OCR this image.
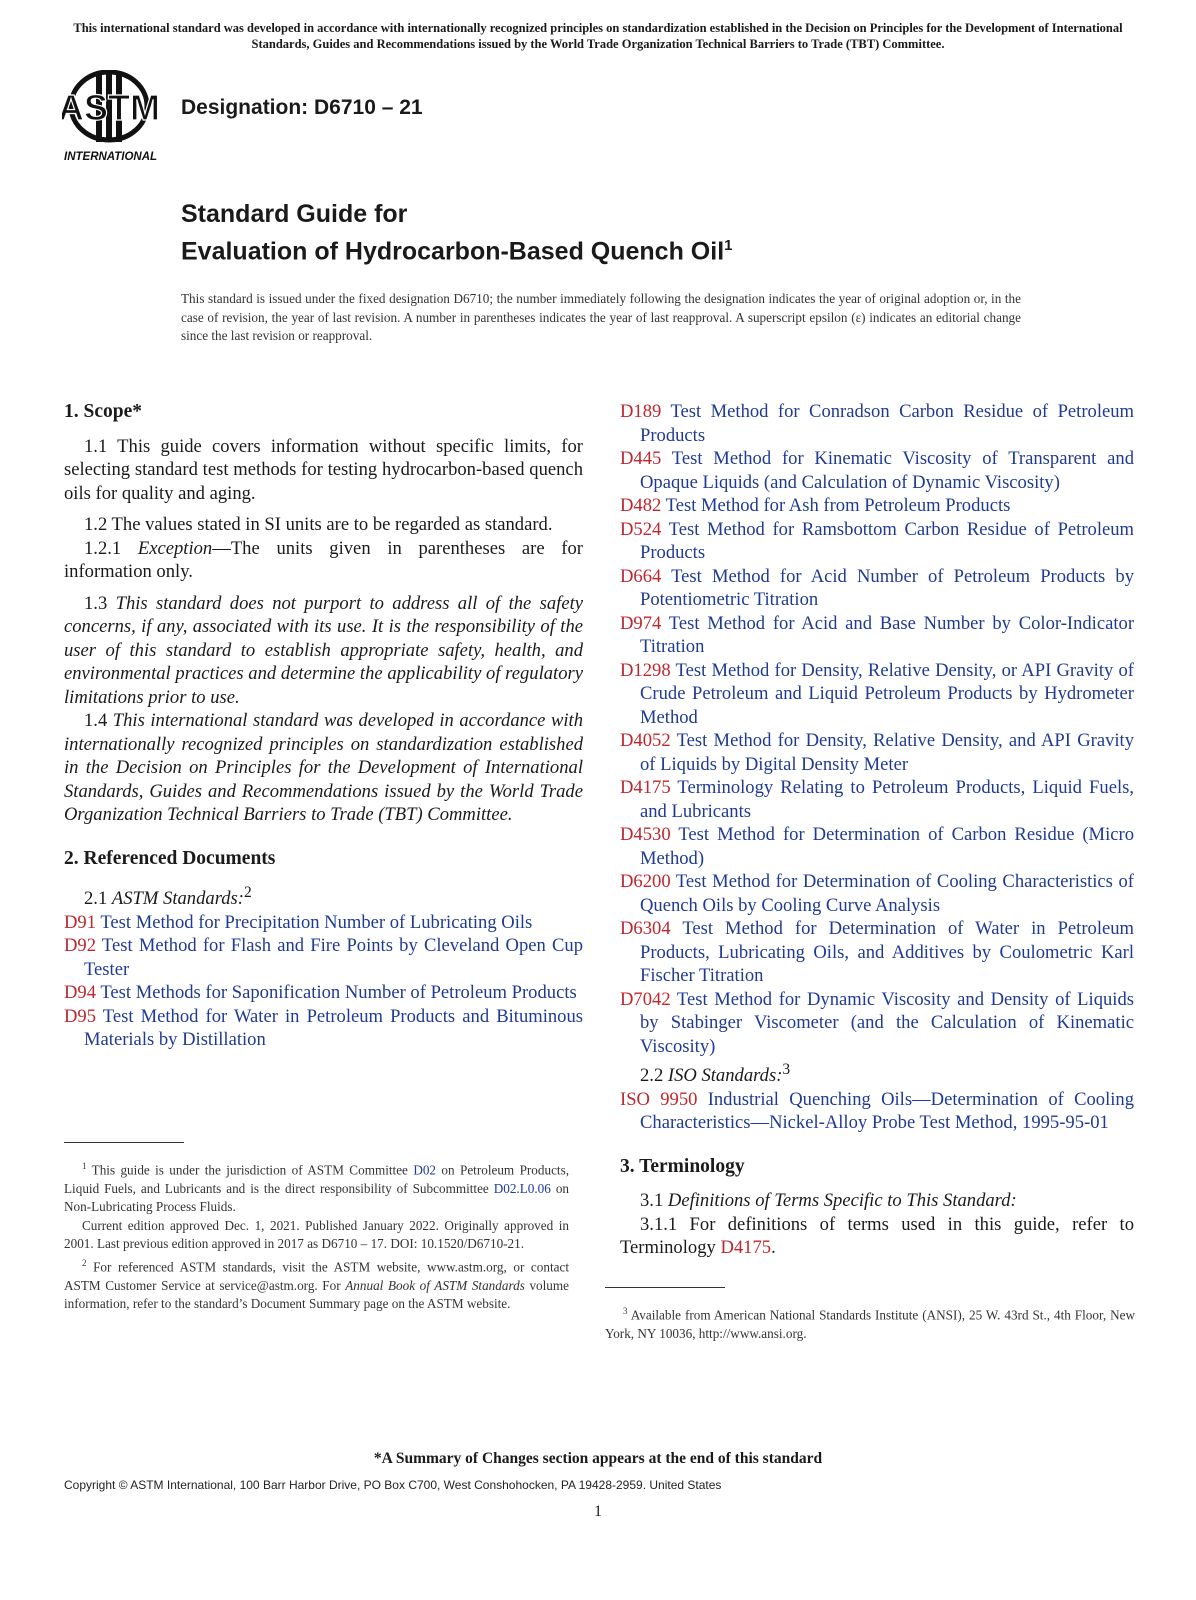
This international standard was developed in accordance with internationally recognized principles on standardization established in the Decision on Principles for the Development of International Standards, Guides and Recommendations issued by the World Trade Organization Technical Barriers to Trade (TBT) Committee.
ASTM
INTERNATIONAL
Designation: D6710 – 21
Standard Guide for
Evaluation of Hydrocarbon-Based Quench Oil$^1$
This standard is issued under the fixed designation D6710; the number immediately following the designation indicates the year of original adoption or, in the case of revision, the year of last revision. A number in parentheses indicates the year of last reapproval. A superscript epsilon (ε) indicates an editorial change since the last revision or reapproval.
1. Scope*

1.1 This guide covers information without specific limits, for selecting standard test methods for testing hydrocarbon-based quench oils for quality and aging.

1.2 The values stated in SI units are to be regarded as standard.

1.2.1 Exception—The units given in parentheses are for information only.

1.3 This standard does not purport to address all of the safety concerns, if any, associated with its use. It is the responsibility of the user of this standard to establish appropriate safety, health, and environmental practices and determine the applicability of regulatory limitations prior to use.

1.4 This international standard was developed in accordance with internationally recognized principles on standardization established in the Decision on Principles for the Development of International Standards, Guides and Recommendations issued by the World Trade Organization Technical Barriers to Trade (TBT) Committee.

2. Referenced Documents

2.1 ASTM Standards:$^2$

D91 Test Method for Precipitation Number of Lubricating Oils

D92 Test Method for Flash and Fire Points by Cleveland Open Cup Tester

D94 Test Methods for Saponification Number of Petroleum Products

D95 Test Method for Water in Petroleum Products and Bituminous Materials by Distillation

D189 Test Method for Conradson Carbon Residue of Petroleum Products

D445 Test Method for Kinematic Viscosity of Transparent and Opaque Liquids (and Calculation of Dynamic Viscosity)

D482 Test Method for Ash from Petroleum Products

D524 Test Method for Ramsbottom Carbon Residue of Petroleum Products

D664 Test Method for Acid Number of Petroleum Products by Potentiometric Titration

D974 Test Method for Acid and Base Number by Color-Indicator Titration

D1298 Test Method for Density, Relative Density, or API Gravity of Crude Petroleum and Liquid Petroleum Products by Hydrometer Method

D4052 Test Method for Density, Relative Density, and API Gravity of Liquids by Digital Density Meter

D4175 Terminology Relating to Petroleum Products, Liquid Fuels, and Lubricants

D4530 Test Method for Determination of Carbon Residue (Micro Method)

D6200 Test Method for Determination of Cooling Characteristics of Quench Oils by Cooling Curve Analysis

D6304 Test Method for Determination of Water in Petroleum Products, Lubricating Oils, and Additives by Coulometric Karl Fischer Titration

D7042 Test Method for Dynamic Viscosity and Density of Liquids by Stabinger Viscometer (and the Calculation of Kinematic Viscosity)

2.2 ISO Standards:$^3$

ISO 9950 Industrial Quenching Oils—Determination of Cooling Characteristics—Nickel-Alloy Probe Test Method, 1995-95-01

3. Terminology

3.1 Definitions of Terms Specific to This Standard:

3.1.1 For definitions of terms used in this guide, refer to Terminology D4175.

$^1$ This guide is under the jurisdiction of ASTM Committee D02 on Petroleum Products, Liquid Fuels, and Lubricants and is the direct responsibility of Subcommittee D02.L0.06 on Non-Lubricating Process Fluids.

Current edition approved Dec. 1, 2021. Published January 2022. Originally approved in 2001. Last previous edition approved in 2017 as D6710 – 17. DOI: 10.1520/D6710-21.

$^2$ For referenced ASTM standards, visit the ASTM website, www.astm.org, or contact ASTM Customer Service at service@astm.org. For Annual Book of ASTM Standards volume information, refer to the standard’s Document Summary page on the ASTM website.	$^3$ Available from American National Standards Institute (ANSI), 25 W. 43rd St., 4th Floor, New York, NY 10036, http://www.ansi.org.

*A Summary of Changes section appears at the end of this standard
Copyright © ASTM International, 100 Barr Harbor Drive, PO Box C700, West Conshohocken, PA 19428-2959. United States
1
